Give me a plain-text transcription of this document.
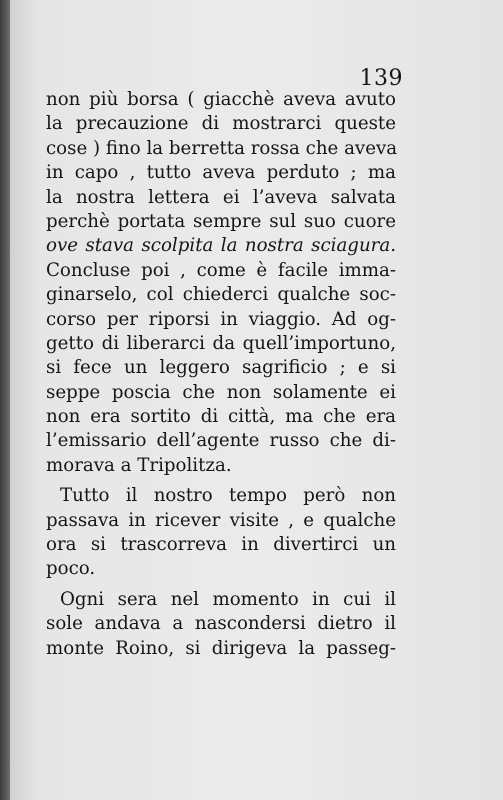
139
non più borsa ( giacchè aveva avuto
la precauzione di mostrarci queste
cose ) fino la berretta rossa che aveva
in capo , tutto aveva perduto ; ma
la nostra lettera ei l’aveva salvata
perchè portata sempre sul suo cuore
ove stava scolpita la nostra sciagura.
Concluse poi , come è facile imma-
ginarselo, col chiederci qualche soc-
corso per riporsi in viaggio. Ad og-
getto di liberarci da quell’importuno,
si fece un leggero sagrificio ; e si
seppe poscia che non solamente ei
non era sortito di città, ma che era
l’emissario dell’agente russo che di-
morava a Tripolitza.
Tutto il nostro tempo però non
passava in ricever visite , e qualche
ora si trascorreva in divertirci un
poco.
Ogni sera nel momento in cui il
sole andava a nascondersi dietro il
monte Roino, si dirigeva la passeg-
